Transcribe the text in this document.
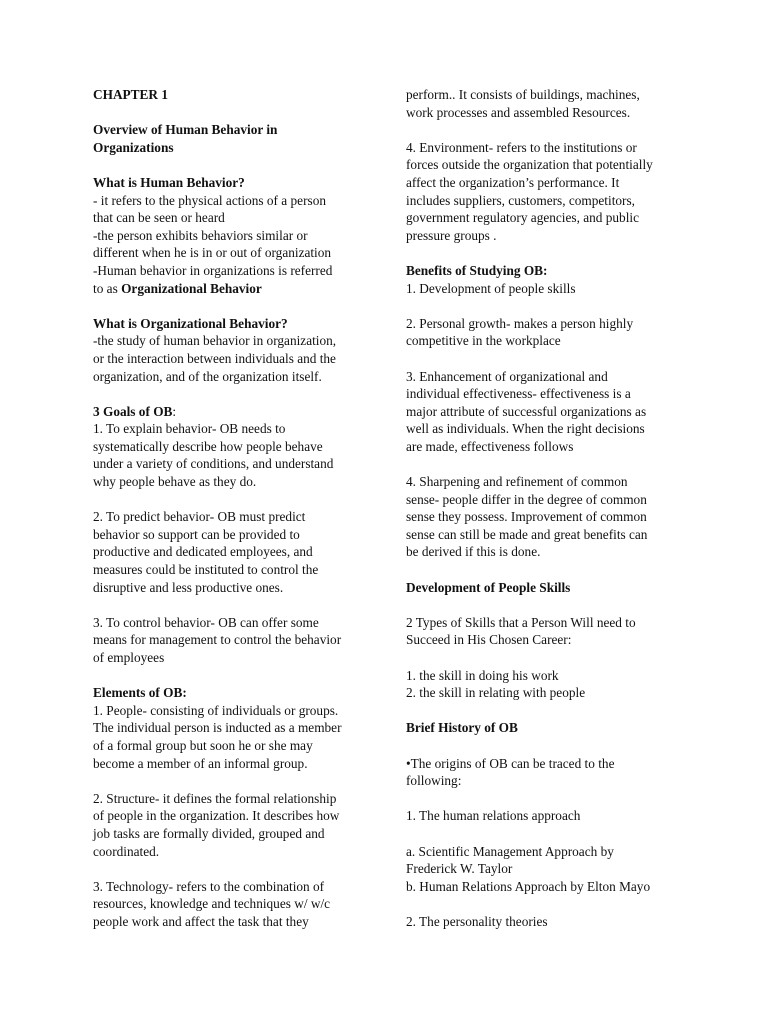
CHAPTER 1
Overview of Human Behavior in
Organizations
What is Human Behavior?
- it refers to the physical actions of a person
that can be seen or heard
-the person exhibits behaviors similar or
different when he is in or out of organization
-Human behavior in organizations is referred
to as Organizational Behavior
What is Organizational Behavior?
-the study of human behavior in organization,
or the interaction between individuals and the
organization, and of the organization itself.
3 Goals of OB:
1. To explain behavior- OB needs to
systematically describe how people behave
under a variety of conditions, and understand
why people behave as they do.
2. To predict behavior- OB must predict
behavior so support can be provided to
productive and dedicated employees, and
measures could be instituted to control the
disruptive and less productive ones.
3. To control behavior- OB can offer some
means for management to control the behavior
of employees
Elements of OB:
1. People- consisting of individuals or groups.
The individual person is inducted as a member
of a formal group but soon he or she may
become a member of an informal group.
2. Structure- it defines the formal relationship
of people in the organization. It describes how
job tasks are formally divided, grouped and
coordinated.
3. Technology- refers to the combination of
resources, knowledge and techniques w/ w/c
people work and affect the task that they
perform.. It consists of buildings, machines,
work processes and assembled Resources.
4. Environment- refers to the institutions or
forces outside the organization that potentially
affect the organization’s performance. It
includes suppliers, customers, competitors,
government regulatory agencies, and public
pressure groups .
Benefits of Studying OB:
1. Development of people skills
2. Personal growth- makes a person highly
competitive in the workplace
3. Enhancement of organizational and
individual effectiveness- effectiveness is a
major attribute of successful organizations as
well as individuals. When the right decisions
are made, effectiveness follows
4. Sharpening and refinement of common
sense- people differ in the degree of common
sense they possess. Improvement of common
sense can still be made and great benefits can
be derived if this is done.
Development of People Skills
2 Types of Skills that a Person Will need to
Succeed in His Chosen Career:
1. the skill in doing his work
2. the skill in relating with people
Brief History of OB
•The origins of OB can be traced to the
following:
1. The human relations approach
a. Scientific Management Approach by
Frederick W. Taylor
b. Human Relations Approach by Elton Mayo
2. The personality theories
